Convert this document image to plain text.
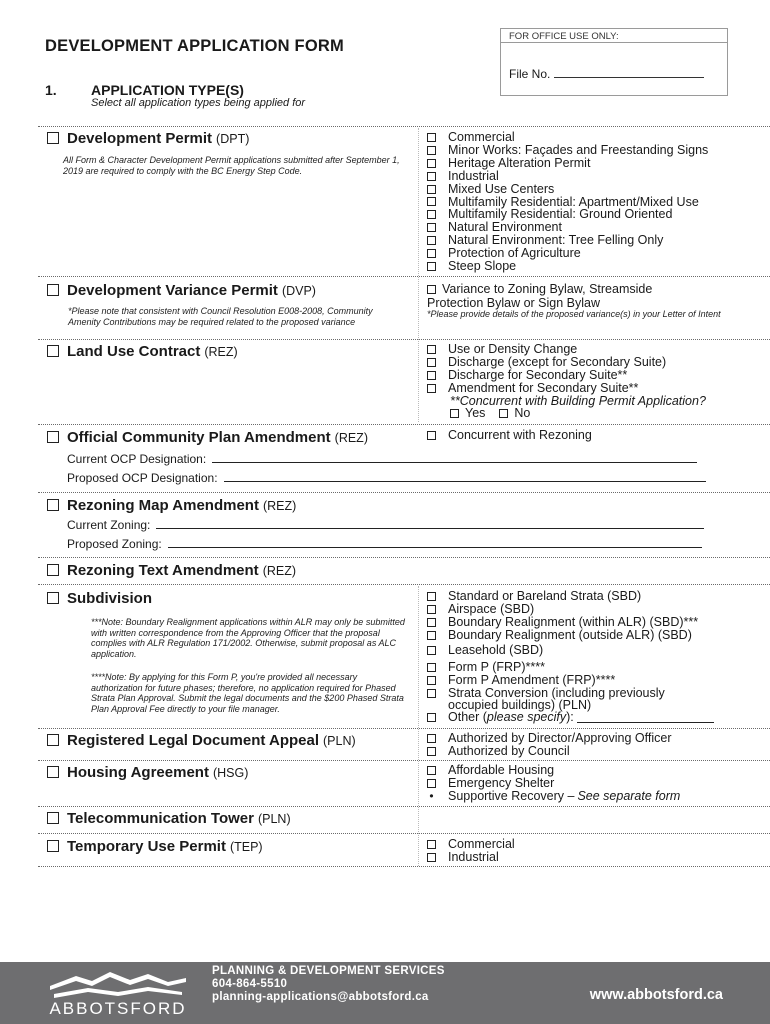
DEVELOPMENT APPLICATION FORM
FOR OFFICE USE ONLY:
File No.
1. APPLICATION TYPE(S)
Select all application types being applied for
Development Permit (DPT)
All Form & Character Development Permit applications submitted after September 1, 2019 are required to comply with the BC Energy Step Code.
Commercial
Minor Works: Façades and Freestanding Signs
Heritage Alteration Permit
Industrial
Mixed Use Centers
Multifamily Residential: Apartment/Mixed Use
Multifamily Residential: Ground Oriented
Natural Environment
Natural Environment: Tree Felling Only
Protection of Agriculture
Steep Slope
Development Variance Permit (DVP)
*Please note that consistent with Council Resolution E008-2008, Community Amenity Contributions may be required related to the proposed variance
Variance to Zoning Bylaw, Streamside
Protection Bylaw or Sign Bylaw
*Please provide details of the proposed variance(s) in your Letter of Intent
Land Use Contract (REZ)	Use or Density Change
Discharge (except for Secondary Suite)
Discharge for Secondary Suite**
Amendment for Secondary Suite**
**Concurrent with Building Permit Application?
Yes No
Official Community Plan Amendment (REZ)	Concurrent with Rezoning
Current OCP Designation:
Proposed OCP Designation:
Rezoning Map Amendment (REZ)
Current Zoning:
Proposed Zoning:
Rezoning Text Amendment (REZ)
Subdivision
***Note: Boundary Realignment applications within ALR may only be submitted with written correspondence from the Approving Officer that the proposal complies with ALR Regulation 171/2002. Otherwise, submit proposal as ALC application.
****Note: By applying for this Form P, you're provided all necessary authorization for future phases; therefore, no application required for Phased Strata Plan Approval. Submit the legal documents and the $200 Phased Strata Plan Approval Fee directly to your file manager.
Standard or Bareland Strata (SBD)
Airspace (SBD)
Boundary Realignment (within ALR) (SBD)***
Boundary Realignment (outside ALR) (SBD)
Leasehold (SBD)
Form P (FRP)****
Form P Amendment (FRP)****
Strata Conversion (including previously
occupied buildings) (PLN)
Other ( please specify ):
Registered Legal Document Appeal (PLN)	Authorized by Director/Approving Officer
Authorized by Council
Housing Agreement (HSG)	Affordable Housing
Emergency Shelter
• Supportive Recovery – See separate form
Telecommunication Tower (PLN)
Temporary Use Permit (TEP)	Commercial
Industrial
ABBOTSFORD
PLANNING & DEVELOPMENT SERVICES
604-864-5510
planning-applications@abbotsford.ca	www.abbotsford.ca
